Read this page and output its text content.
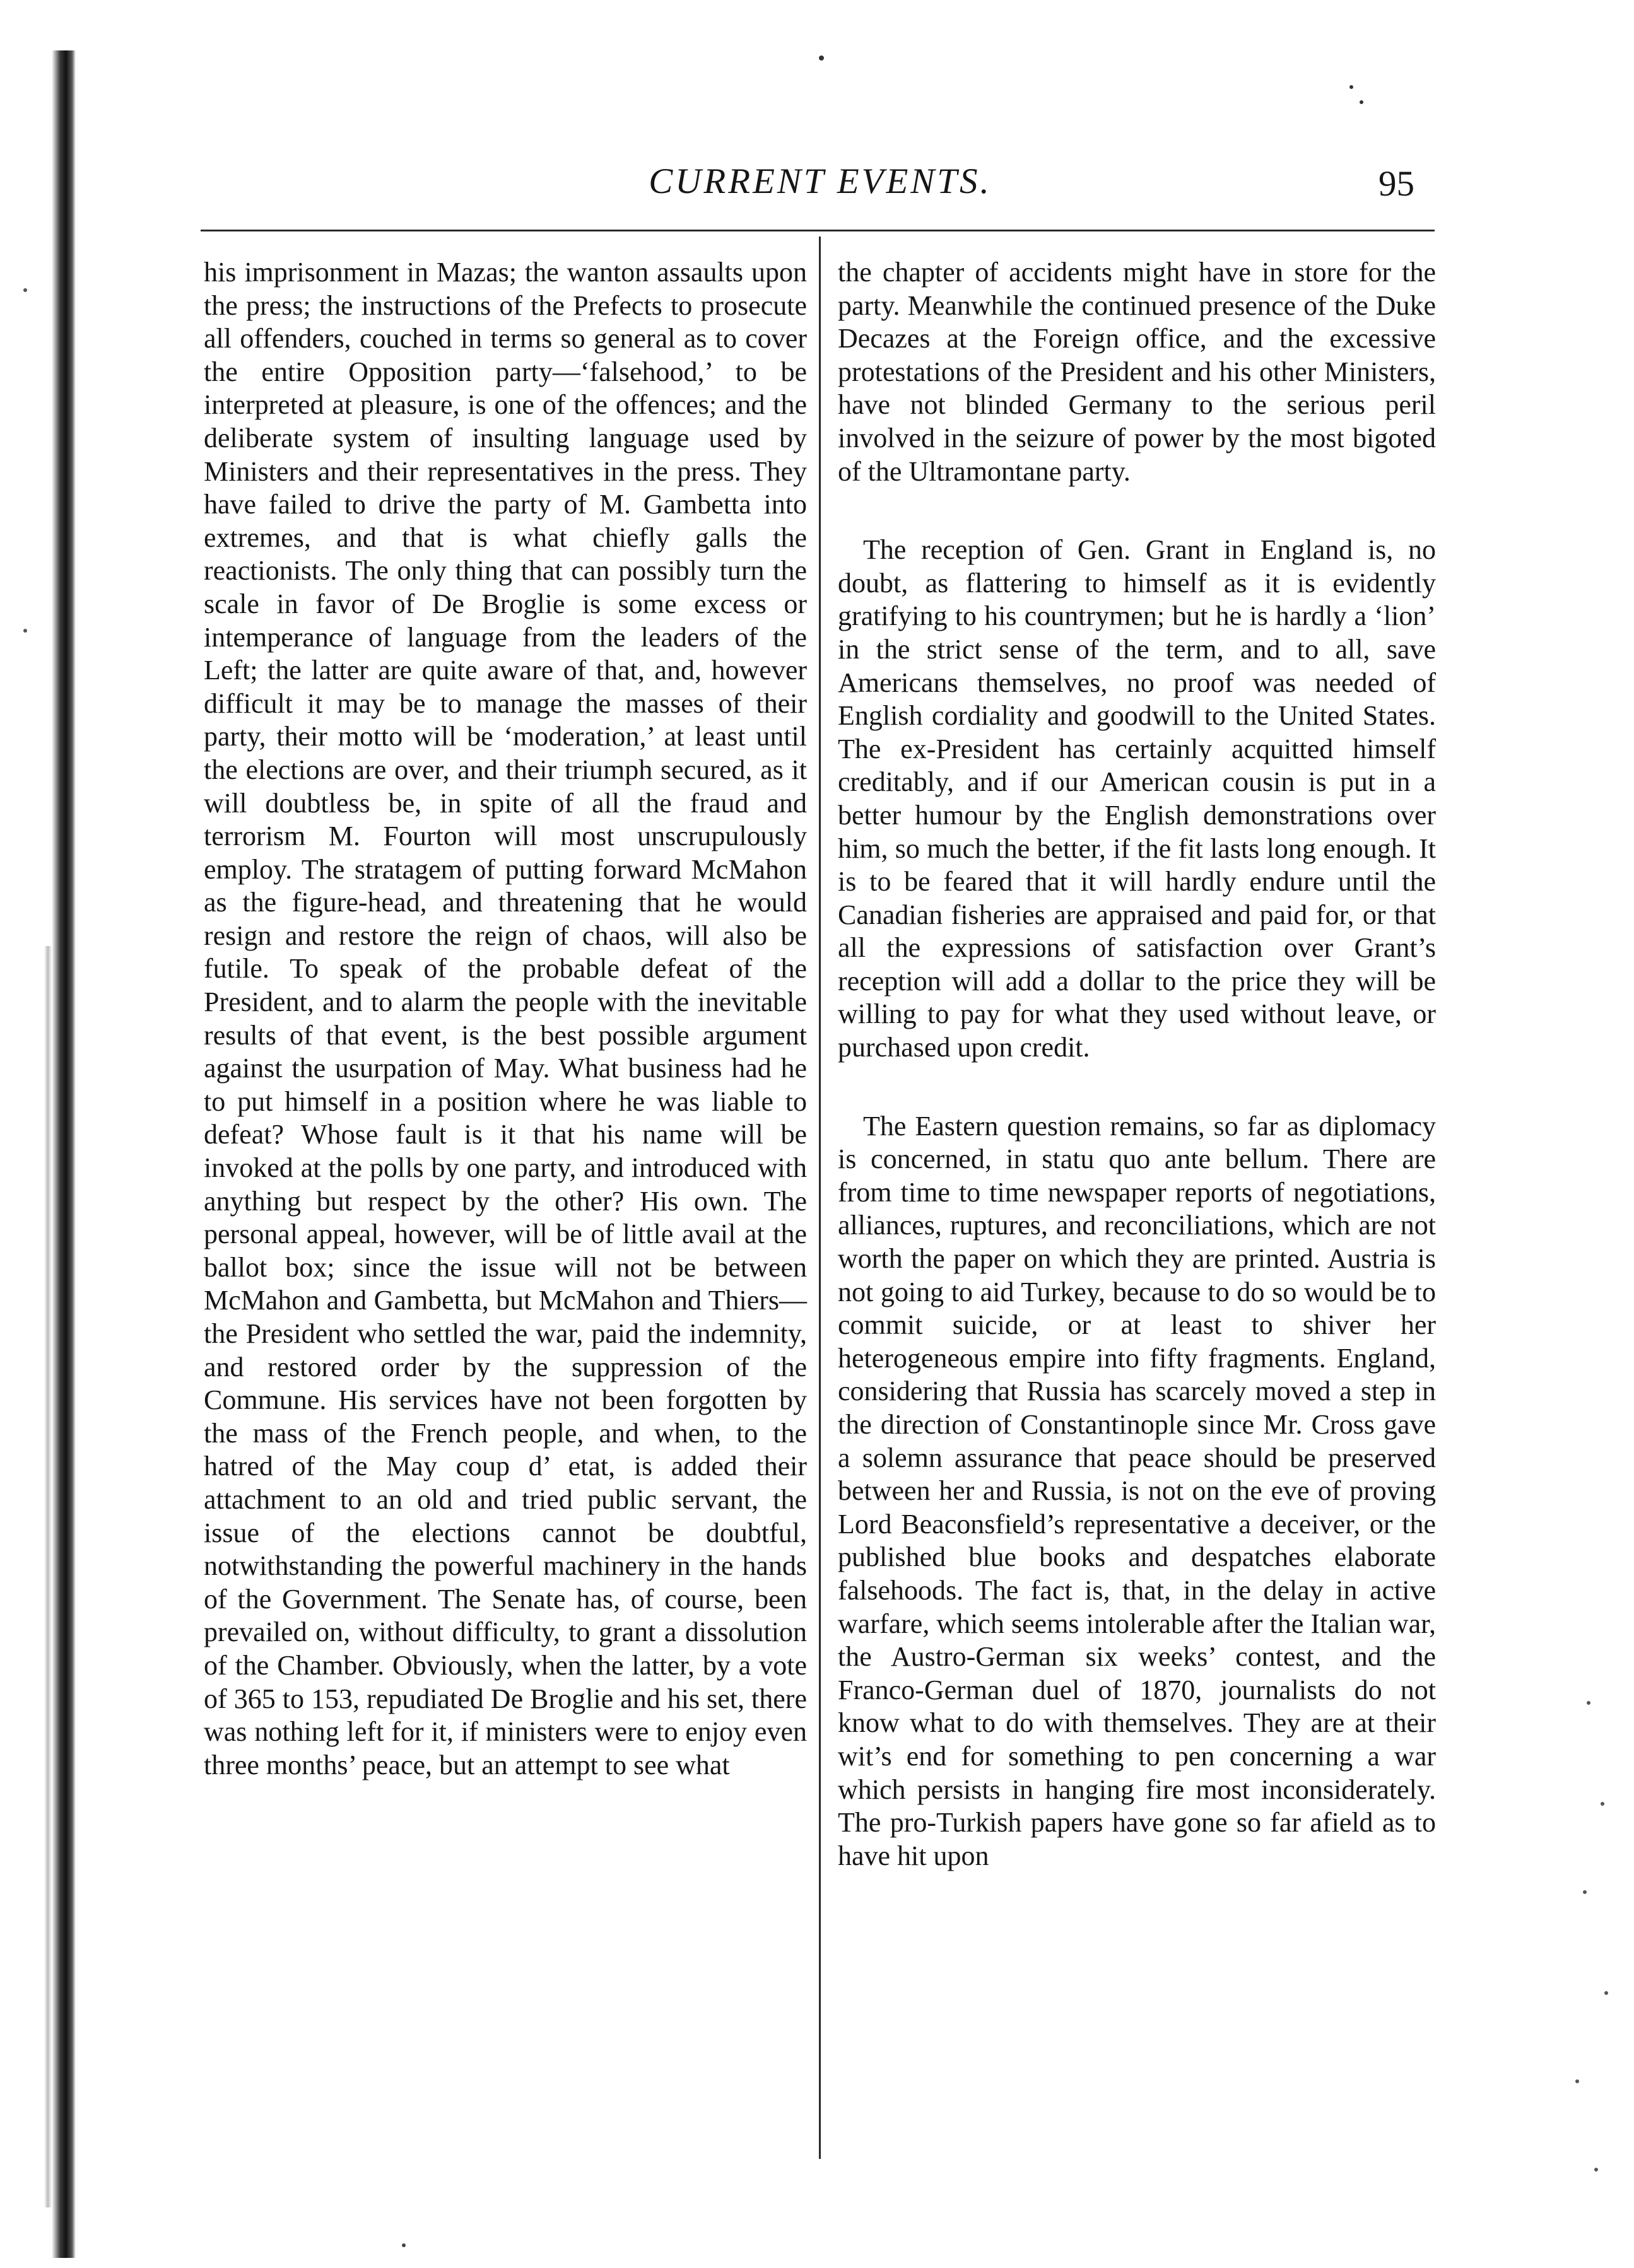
CURRENT EVENTS.	95

his imprisonment in Mazas; the wanton assaults upon the press; the instructions of the Prefects to prosecute all offenders, couched in terms so general as to cover the entire Opposition party—‘falsehood,’ to be interpreted at pleasure, is one of the offences; and the deliberate system of insulting language used by Ministers and their representatives in the press. They have failed to drive the party of M. Gambetta into extremes, and that is what chiefly galls the reactionists. The only thing that can possibly turn the scale in favor of De Broglie is some excess or intemperance of language from the leaders of the Left; the latter are quite aware of that, and, however difficult it may be to manage the masses of their party, their motto will be ‘moderation,’ at least until the elections are over, and their triumph secured, as it will doubtless be, in spite of all the fraud and terrorism M. Fourton will most unscrupulously employ. The stratagem of putting forward McMahon as the figure-head, and threatening that he would resign and restore the reign of chaos, will also be futile. To speak of the probable defeat of the President, and to alarm the people with the inevitable results of that event, is the best possible argument against the usurpation of May. What business had he to put himself in a position where he was liable to defeat? Whose fault is it that his name will be invoked at the polls by one party, and introduced with anything but respect by the other? His own. The personal appeal, however, will be of little avail at the ballot box; since the issue will not be between McMahon and Gambetta, but McMahon and Thiers—the President who settled the war, paid the indemnity, and restored order by the suppression of the Commune. His services have not been forgotten by the mass of the French people, and when, to the hatred of the May coup d’ etat, is added their attachment to an old and tried public servant, the issue of the elections cannot be doubtful, notwithstanding the powerful machinery in the hands of the Government. The Senate has, of course, been prevailed on, without difficulty, to grant a dissolution of the Chamber. Obviously, when the latter, by a vote of 365 to 153, repudiated De Broglie and his set, there was nothing left for it, if ministers were to enjoy even three months’ peace, but an attempt to see what

the chapter of accidents might have in store for the party. Meanwhile the continued presence of the Duke Decazes at the Foreign office, and the excessive protestations of the President and his other Ministers, have not blinded Germany to the serious peril involved in the seizure of power by the most bigoted of the Ultramontane party.

The reception of Gen. Grant in England is, no doubt, as flattering to himself as it is evidently gratifying to his countrymen; but he is hardly a ‘lion’ in the strict sense of the term, and to all, save Americans themselves, no proof was needed of English cordiality and goodwill to the United States. The ex-President has certainly acquitted himself creditably, and if our American cousin is put in a better humour by the English demonstrations over him, so much the better, if the fit lasts long enough. It is to be feared that it will hardly endure until the Canadian fisheries are appraised and paid for, or that all the expressions of satisfaction over Grant’s reception will add a dollar to the price they will be willing to pay for what they used without leave, or purchased upon credit.

The Eastern question remains, so far as diplomacy is concerned, in statu quo ante bellum. There are from time to time newspaper reports of negotiations, alliances, ruptures, and reconciliations, which are not worth the paper on which they are printed. Austria is not going to aid Turkey, because to do so would be to commit suicide, or at least to shiver her heterogeneous empire into fifty fragments. England, considering that Russia has scarcely moved a step in the direction of Constantinople since Mr. Cross gave a solemn assurance that peace should be preserved between her and Russia, is not on the eve of proving Lord Beaconsfield’s representative a deceiver, or the published blue books and despatches elaborate falsehoods. The fact is, that, in the delay in active warfare, which seems intolerable after the Italian war, the Austro-German six weeks’ contest, and the Franco-German duel of 1870, journalists do not know what to do with themselves. They are at their wit’s end for something to pen concerning a war which persists in hanging fire most inconsiderately. The pro-Turkish papers have gone so far afield as to have hit upon
